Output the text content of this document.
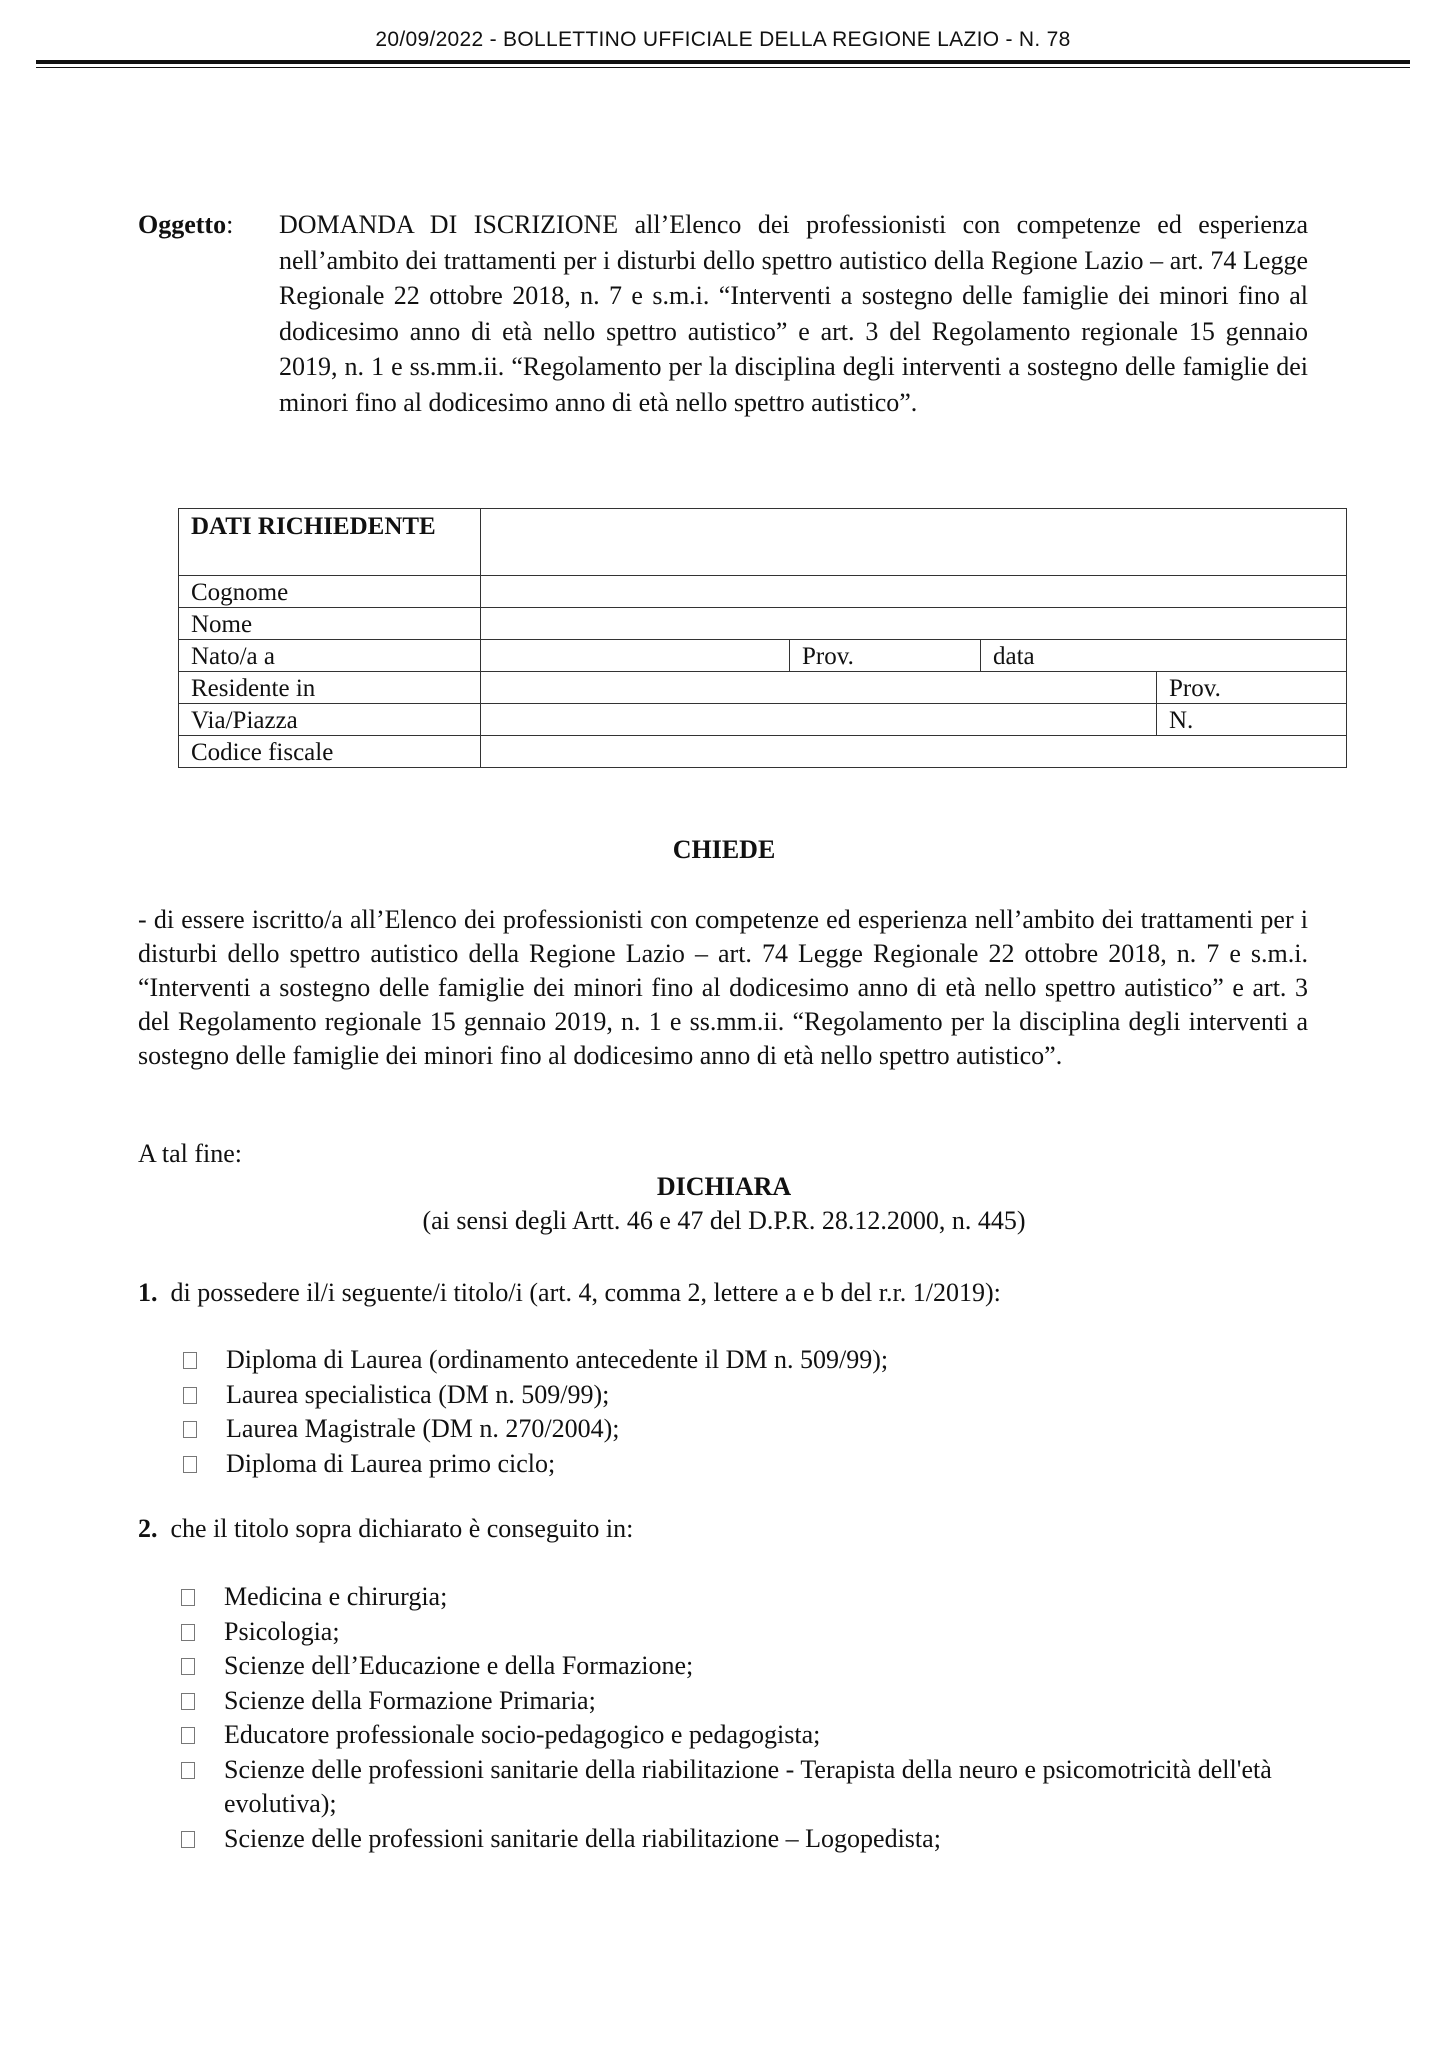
20/09/2022 - BOLLETTINO UFFICIALE DELLA REGIONE LAZIO - N. 78
Oggetto:	DOMANDA DI ISCRIZIONE all’Elenco dei professionisti con competenze ed esperienza nell’ambito dei trattamenti per i disturbi dello spettro autistico della Regione Lazio – art. 74 Legge Regionale 22 ottobre 2018, n. 7 e s.m.i. “Interventi a sostegno delle famiglie dei minori fino al dodicesimo anno di età nello spettro autistico” e art. 3 del Regolamento regionale 15 gennaio 2019, n. 1 e ss.mm.ii. “Regolamento per la disciplina degli interventi a sostegno delle famiglie dei minori fino al dodicesimo anno di età nello spettro autistico”.
DATI RICHIEDENTE				
Cognome				
Nome				
Nato/a a		Prov.	data	
Residente in				Prov.
Via/Piazza				N.
Codice fiscale				
CHIEDE
- di essere iscritto/a all’Elenco dei professionisti con competenze ed esperienza nell’ambito dei trattamenti per i disturbi dello spettro autistico della Regione Lazio – art. 74 Legge Regionale 22 ottobre 2018, n. 7 e s.m.i. “Interventi a sostegno delle famiglie dei minori fino al dodicesimo anno di età nello spettro autistico” e art. 3 del Regolamento regionale 15 gennaio 2019, n. 1 e ss.mm.ii. “Regolamento per la disciplina degli interventi a sostegno delle famiglie dei minori fino al dodicesimo anno di età nello spettro autistico”.
A tal fine:
DICHIARA
(ai sensi degli Artt. 46 e 47 del D.P.R. 28.12.2000, n. 445)
1. di possedere il/i seguente/i titolo/i (art. 4, comma 2, lettere a e b del r.r. 1/2019):
Diploma di Laurea (ordinamento antecedente il DM n. 509/99);
Laurea specialistica (DM n. 509/99);
Laurea Magistrale (DM n. 270/2004);
Diploma di Laurea primo ciclo;
2. che il titolo sopra dichiarato è conseguito in:
Medicina e chirurgia;
Psicologia;
Scienze dell’Educazione e della Formazione;
Scienze della Formazione Primaria;
Educatore professionale socio-pedagogico e pedagogista;
Scienze delle professioni sanitarie della riabilitazione - Terapista della neuro e psicomotricità dell'età evolutiva);
Scienze delle professioni sanitarie della riabilitazione – Logopedista;
